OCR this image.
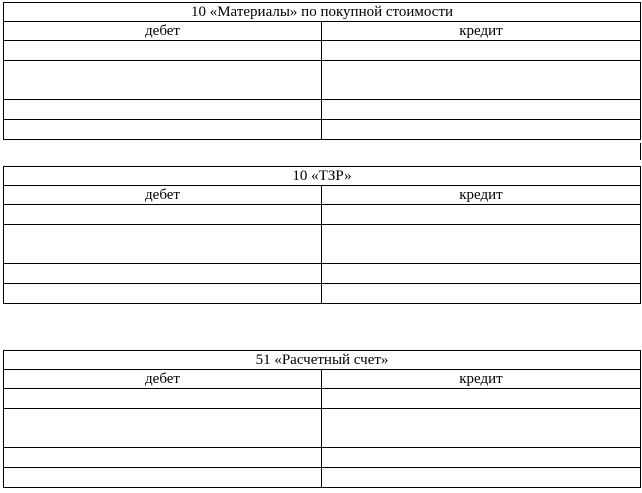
10 «Материалы» по покупной стоимости	
дебет	кредит

10 «ТЗР»	
дебет	кредит

51 «Расчетный счет»	
дебет	кредит
